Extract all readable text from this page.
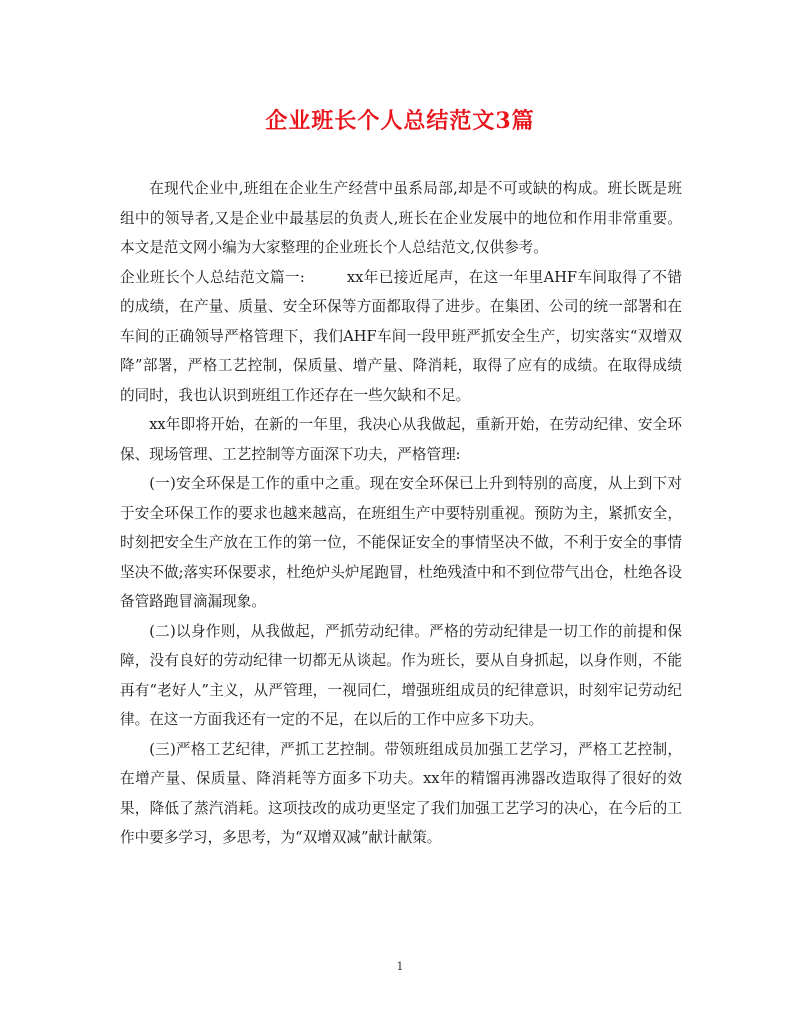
企业班长个人总结范文3篇

在现代企业中,班组在企业生产经营中虽系局部,却是不可或缺的构成。班长既是班组中的领导者,又是企业中最基层的负责人,班长在企业发展中的地位和作用非常重要。本文是范文网小编为大家整理的企业班长个人总结范文,仅供参考。

企业班长个人总结范文篇一:	xx年已接近尾声，在这一年里AHF车间取得了不错的成绩，在产量、质量、安全环保等方面都取得了进步。在集团、公司的统一部署和在车间的正确领导严格管理下，我们AHF车间一段甲班严抓安全生产，切实落实“双增双降”部署，严格工艺控制，保质量、增产量、降消耗，取得了应有的成绩。在取得成绩的同时，我也认识到班组工作还存在一些欠缺和不足。

xx年即将开始，在新的一年里，我决心从我做起，重新开始，在劳动纪律、安全环保、现场管理、工艺控制等方面深下功夫，严格管理:

(一)安全环保是工作的重中之重。现在安全环保已上升到特别的高度，从上到下对于安全环保工作的要求也越来越高，在班组生产中要特别重视。预防为主，紧抓安全，时刻把安全生产放在工作的第一位，不能保证安全的事情坚决不做，不利于安全的事情坚决不做;落实环保要求，杜绝炉头炉尾跑冒，杜绝残渣中和不到位带气出仓，杜绝各设备管路跑冒滴漏现象。

(二)以身作则，从我做起，严抓劳动纪律。严格的劳动纪律是一切工作的前提和保障，没有良好的劳动纪律一切都无从谈起。作为班长，要从自身抓起，以身作则，不能再有“老好人”主义，从严管理，一视同仁，增强班组成员的纪律意识，时刻牢记劳动纪律。在这一方面我还有一定的不足，在以后的工作中应多下功夫。

(三)严格工艺纪律，严抓工艺控制。带领班组成员加强工艺学习，严格工艺控制，在增产量、保质量、降消耗等方面多下功夫。xx年的精馏再沸器改造取得了很好的效果，降低了蒸汽消耗。这项技改的成功更坚定了我们加强工艺学习的决心，在今后的工作中要多学习，多思考，为“双增双减”献计献策。

1
